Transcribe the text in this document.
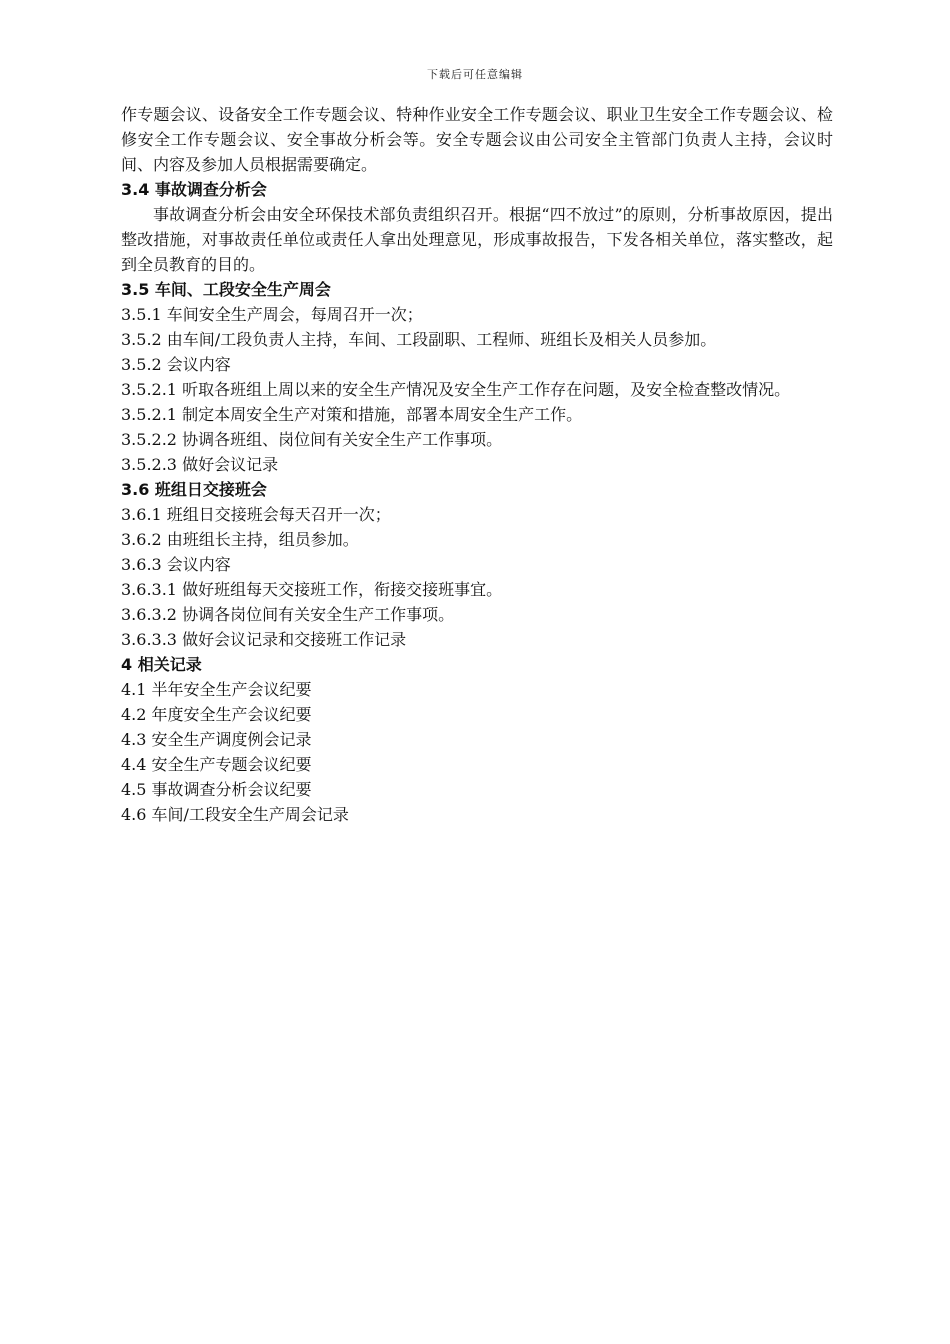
下载后可任意编辑

作专题会议、设备安全工作专题会议、特种作业安全工作专题会议、职业卫生安全工作专题会议、检修安全工作专题会议、安全事故分析会等。安全专题会议由公司安全主管部门负责人主持，会议时间、内容及参加人员根据需要确定。

3.4 事故调查分析会

事故调查分析会由安全环保技术部负责组织召开。根据“四不放过”的原则，分析事故原因，提出整改措施，对事故责任单位或责任人拿出处理意见，形成事故报告，下发各相关单位，落实整改，起到全员教育的目的。

3.5 车间、工段安全生产周会

3.5.1 车间安全生产周会，每周召开一次；

3.5.2 由车间/工段负责人主持，车间、工段副职、工程师、班组长及相关人员参加。

3.5.2 会议内容

3.5.2.1 听取各班组上周以来的安全生产情况及安全生产工作存在问题，及安全检查整改情况。

3.5.2.1 制定本周安全生产对策和措施，部署本周安全生产工作。

3.5.2.2 协调各班组、岗位间有关安全生产工作事项。

3.5.2.3 做好会议记录

3.6 班组日交接班会

3.6.1 班组日交接班会每天召开一次；

3.6.2 由班组长主持，组员参加。

3.6.3 会议内容

3.6.3.1 做好班组每天交接班工作，衔接交接班事宜。

3.6.3.2 协调各岗位间有关安全生产工作事项。

3.6.3.3 做好会议记录和交接班工作记录

4 相关记录

4.1 半年安全生产会议纪要

4.2 年度安全生产会议纪要

4.3 安全生产调度例会记录

4.4 安全生产专题会议纪要

4.5 事故调查分析会议纪要

4.6 车间/工段安全生产周会记录
